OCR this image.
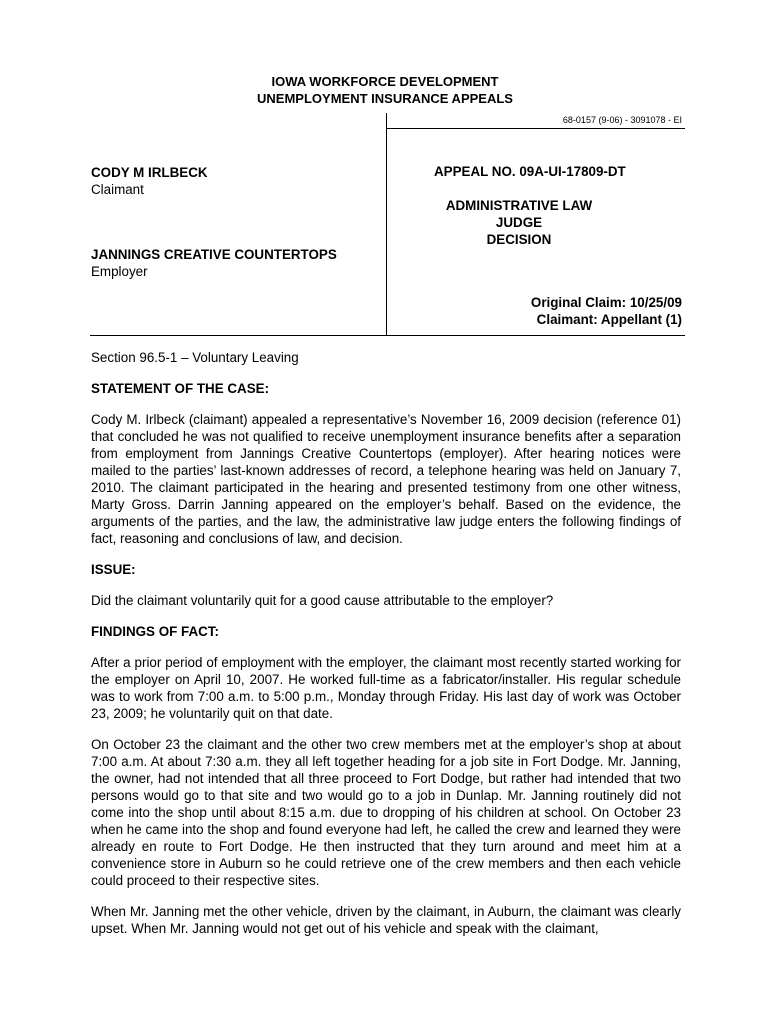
IOWA WORKFORCE DEVELOPMENT
UNEMPLOYMENT INSURANCE APPEALS
68-0157 (9-06) - 3091078 - EI
CODY M IRLBECK
Claimant
JANNINGS CREATIVE COUNTERTOPS
Employer
APPEAL NO. 09A-UI-17809-DT
ADMINISTRATIVE LAW JUDGE
DECISION
Original Claim: 10/25/09
Claimant: Appellant (1)

Section 96.5-1 – Voluntary Leaving

STATEMENT OF THE CASE:

Cody M. Irlbeck (claimant) appealed a representative’s November 16, 2009 decision (reference 01) that concluded he was not qualified to receive unemployment insurance benefits after a separation from employment from Jannings Creative Countertops (employer). After hearing notices were mailed to the parties’ last-known addresses of record, a telephone hearing was held on January 7, 2010. The claimant participated in the hearing and presented testimony from one other witness, Marty Gross. Darrin Janning appeared on the employer’s behalf. Based on the evidence, the arguments of the parties, and the law, the administrative law judge enters the following findings of fact, reasoning and conclusions of law, and decision.

ISSUE:

Did the claimant voluntarily quit for a good cause attributable to the employer?

FINDINGS OF FACT:

After a prior period of employment with the employer, the claimant most recently started working for the employer on April 10, 2007. He worked full-time as a fabricator/installer. His regular schedule was to work from 7:00 a.m. to 5:00 p.m., Monday through Friday. His last day of work was October 23, 2009; he voluntarily quit on that date.

On October 23 the claimant and the other two crew members met at the employer’s shop at about 7:00 a.m. At about 7:30 a.m. they all left together heading for a job site in Fort Dodge. Mr. Janning, the owner, had not intended that all three proceed to Fort Dodge, but rather had intended that two persons would go to that site and two would go to a job in Dunlap. Mr. Janning routinely did not come into the shop until about 8:15 a.m. due to dropping of his children at school. On October 23 when he came into the shop and found everyone had left, he called the crew and learned they were already en route to Fort Dodge. He then instructed that they turn around and meet him at a convenience store in Auburn so he could retrieve one of the crew members and then each vehicle could proceed to their respective sites.

When Mr. Janning met the other vehicle, driven by the claimant, in Auburn, the claimant was clearly upset. When Mr. Janning would not get out of his vehicle and speak with the claimant,
